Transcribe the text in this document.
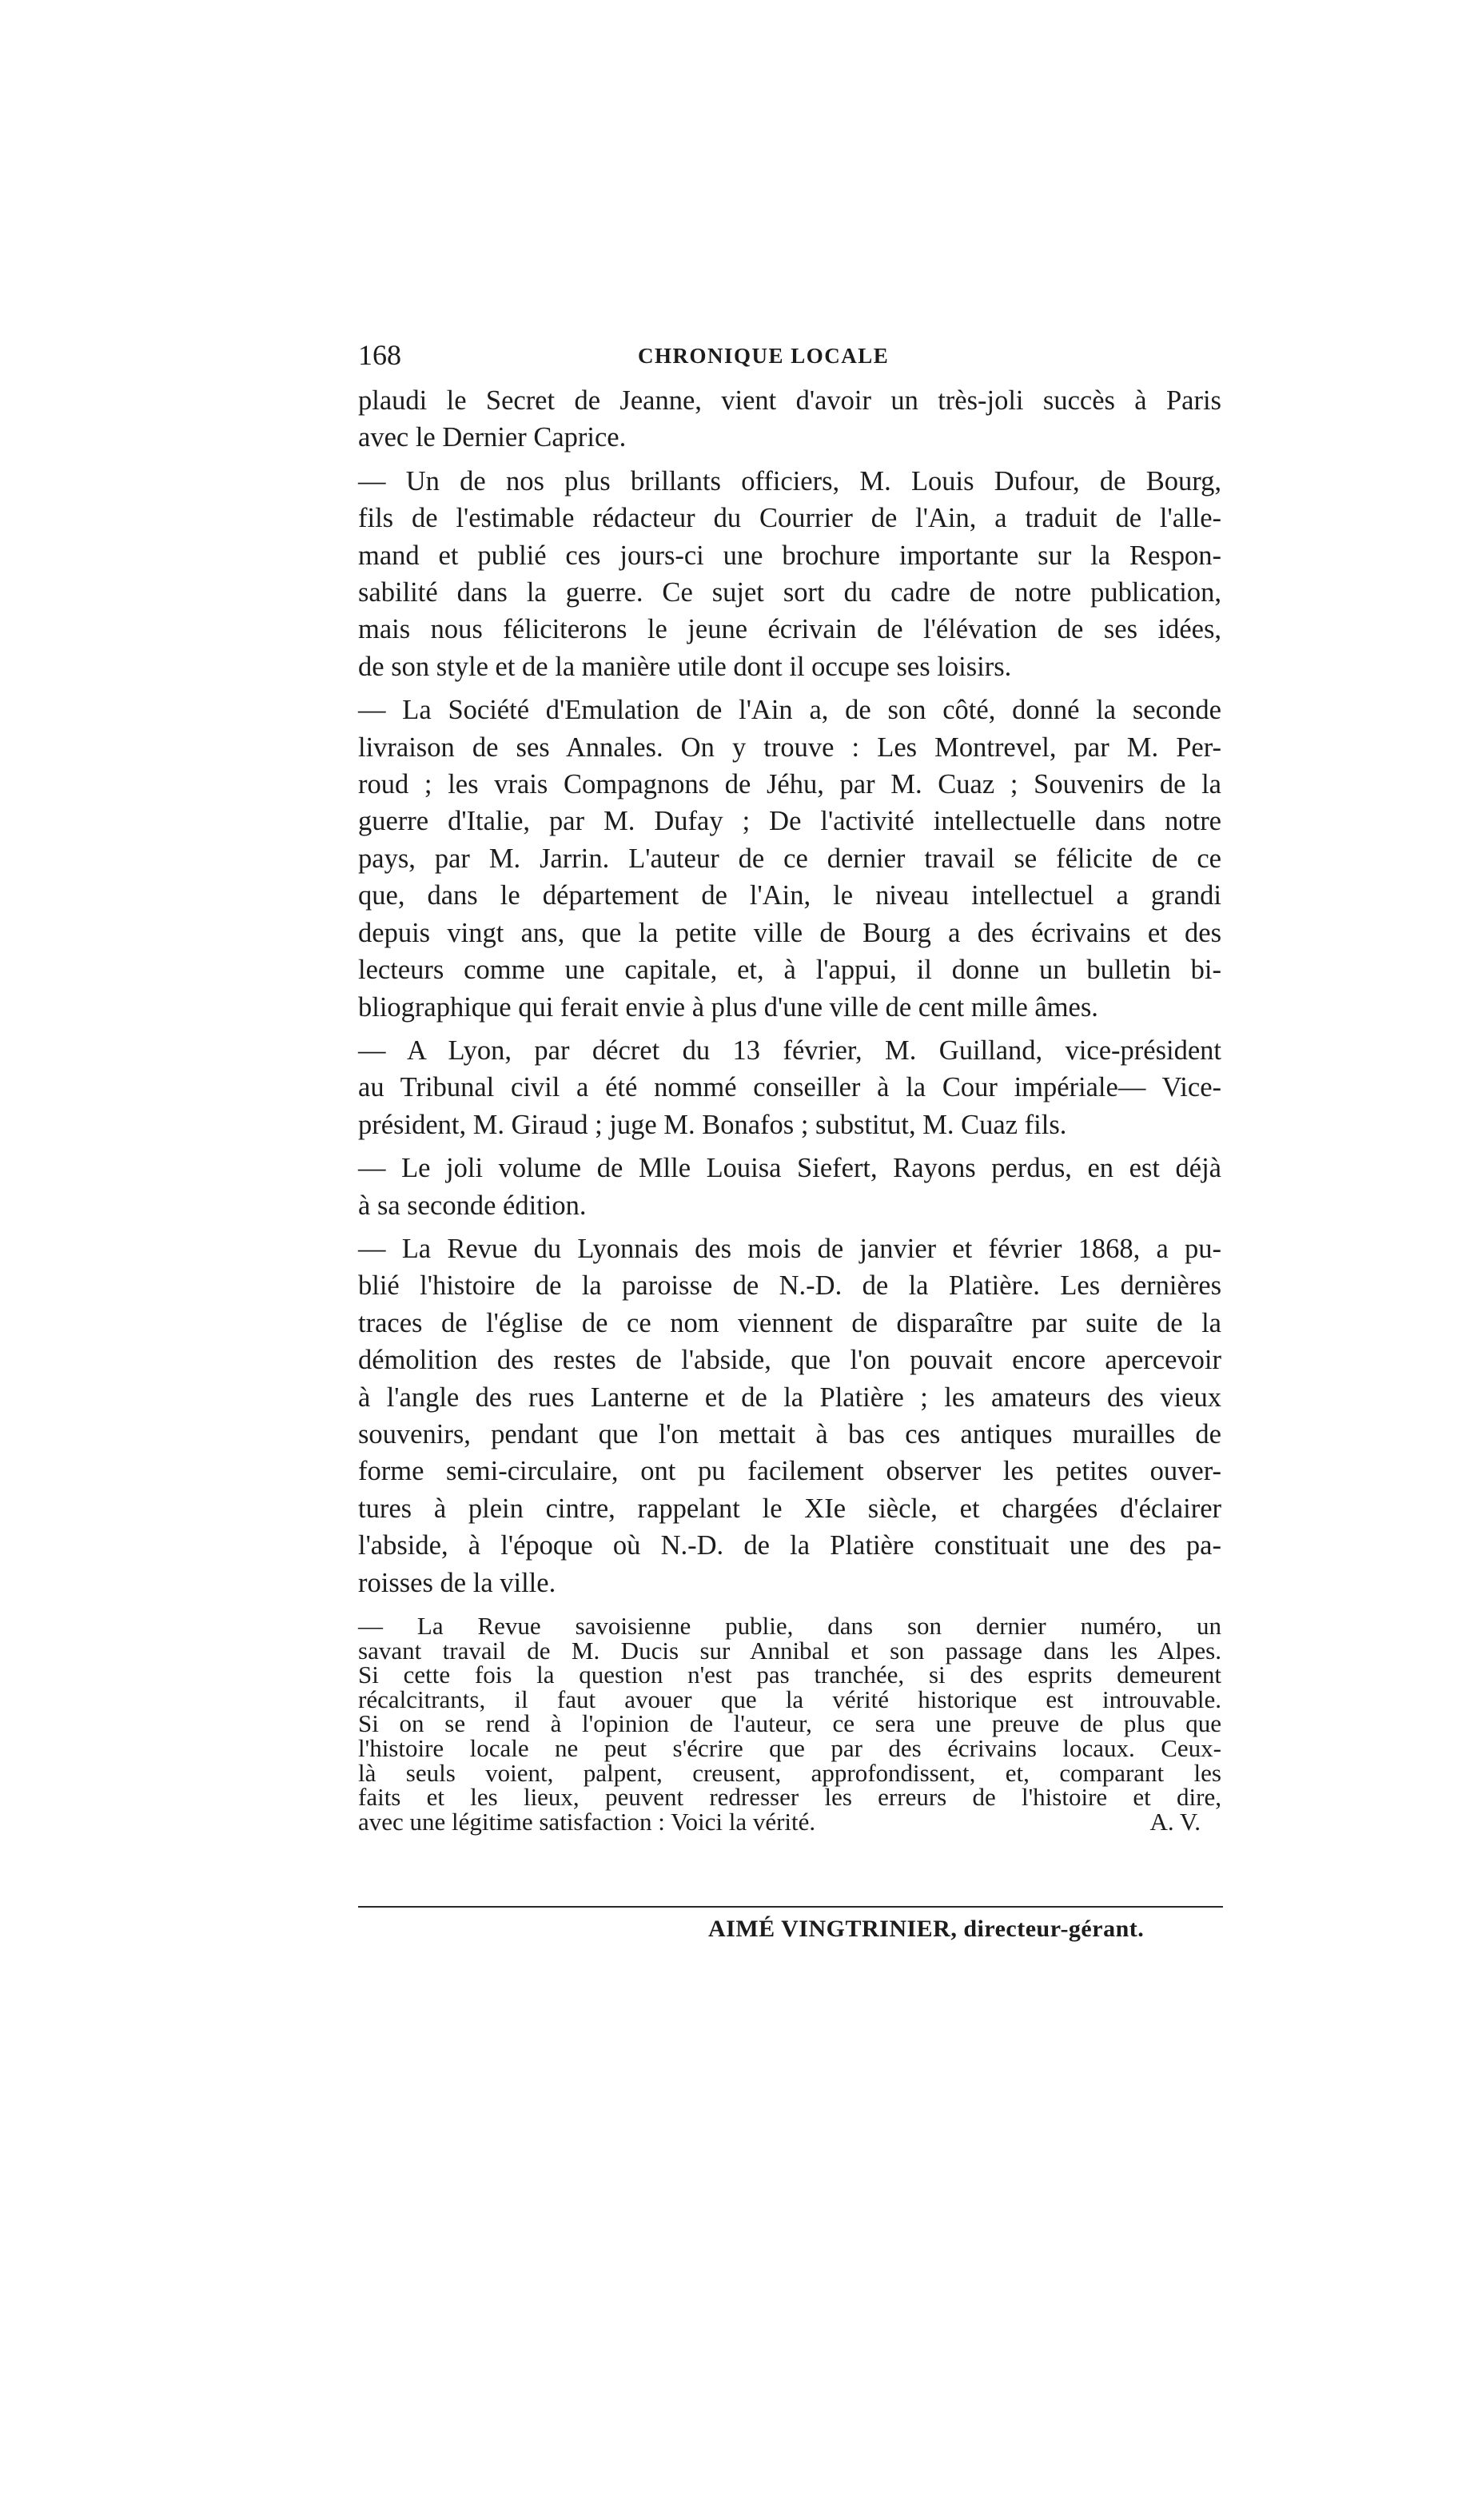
168	CHRONIQUE LOCALE

plaudi le Secret de Jeanne, vient d'avoir un très-joli succès à Paris

avec le Dernier Caprice.

— Un de nos plus brillants officiers, M. Louis Dufour, de Bourg,

fils de l'estimable rédacteur du Courrier de l'Ain, a traduit de l'alle-

mand et publié ces jours-ci une brochure importante sur la Respon-

sabilité dans la guerre. Ce sujet sort du cadre de notre publication,

mais nous féliciterons le jeune écrivain de l'élévation de ses idées,

de son style et de la manière utile dont il occupe ses loisirs.

— La Société d'Emulation de l'Ain a, de son côté, donné la seconde

livraison de ses Annales. On y trouve : Les Montrevel, par M. Per-

roud ; les vrais Compagnons de Jéhu, par M. Cuaz ; Souvenirs de la

guerre d'Italie, par M. Dufay ; De l'activité intellectuelle dans notre

pays, par M. Jarrin. L'auteur de ce dernier travail se félicite de ce

que, dans le département de l'Ain, le niveau intellectuel a grandi

depuis vingt ans, que la petite ville de Bourg a des écrivains et des

lecteurs comme une capitale, et, à l'appui, il donne un bulletin bi-

bliographique qui ferait envie à plus d'une ville de cent mille âmes.

— A Lyon, par décret du 13 février, M. Guilland, vice-président

au Tribunal civil a été nommé conseiller à la Cour impériale— Vice-

président, M. Giraud ; juge M. Bonafos ; substitut, M. Cuaz fils.

— Le joli volume de Mlle Louisa Siefert, Rayons perdus, en est déjà

à sa seconde édition.

— La Revue du Lyonnais des mois de janvier et février 1868, a pu-

blié l'histoire de la paroisse de N.-D. de la Platière. Les dernières

traces de l'église de ce nom viennent de disparaître par suite de la

démolition des restes de l'abside, que l'on pouvait encore apercevoir

à l'angle des rues Lanterne et de la Platière ; les amateurs des vieux

souvenirs, pendant que l'on mettait à bas ces antiques murailles de

forme semi-circulaire, ont pu facilement observer les petites ouver-

tures à plein cintre, rappelant le XIe siècle, et chargées d'éclairer

l'abside, à l'époque où N.-D. de la Platière constituait une des pa-

roisses de la ville.

— La Revue savoisienne publie, dans son dernier numéro, un

savant travail de M. Ducis sur Annibal et son passage dans les Alpes.

Si cette fois la question n'est pas tranchée, si des esprits demeurent

récalcitrants, il faut avouer que la vérité historique est introuvable.

Si on se rend à l'opinion de l'auteur, ce sera une preuve de plus que

l'histoire locale ne peut s'écrire que par des écrivains locaux. Ceux-

là seuls voient, palpent, creusent, approfondissent, et, comparant les

faits et les lieux, peuvent redresser les erreurs de l'histoire et dire,

avec une légitime satisfaction : Voici la vérité.	A. V.

AIMÉ VINGTRINIER, directeur-gérant.
